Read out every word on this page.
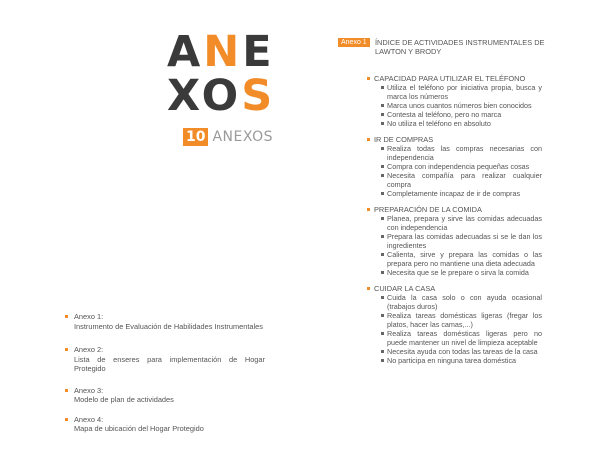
ANE
XOS
10 ANEXOS
Anexo 1:
Instrumento de Evaluación de Habilidades Instrumentales
Anexo 2:
Lista de enseres para implementación de Hogar Protegido
Anexo 3:
Modelo de plan de actividades
Anexo 4:
Mapa de ubicación del Hogar Protegido
Anexo 1	ÍNDICE DE ACTIVIDADES INSTRUMENTALES DE LAWTON Y BRODY
CAPACIDAD PARA UTILIZAR EL TELÉFONO
Utiliza el teléfono por iniciativa propia, busca y marca los números
Marca unos cuantos números bien conocidos
Contesta al teléfono, pero no marca
No utiliza el teléfono en absoluto
IR DE COMPRAS
Realiza todas las compras necesarias con independencia
Compra con independencia pequeñas cosas
Necesita compañía para realizar cualquier compra
Completamente incapaz de ir de compras
PREPARACIÓN DE LA COMIDA
Planea, prepara y sirve las comidas adecuadas con independencia
Prepara las comidas adecuadas si se le dan los ingredientes
Calienta, sirve y prepara las comidas o las prepara pero no mantiene una dieta adecuada
Necesita que se le prepare o sirva la comida
CUIDAR LA CASA
Cuida la casa solo o con ayuda ocasional (trabajos duros)
Realiza tareas domésticas ligeras (fregar los platos, hacer las camas,...)
Realiza tareas domésticas ligeras pero no puede mantener un nivel de limpieza aceptable
Necesita ayuda con todas las tareas de la casa
No participa en ninguna tarea doméstica
